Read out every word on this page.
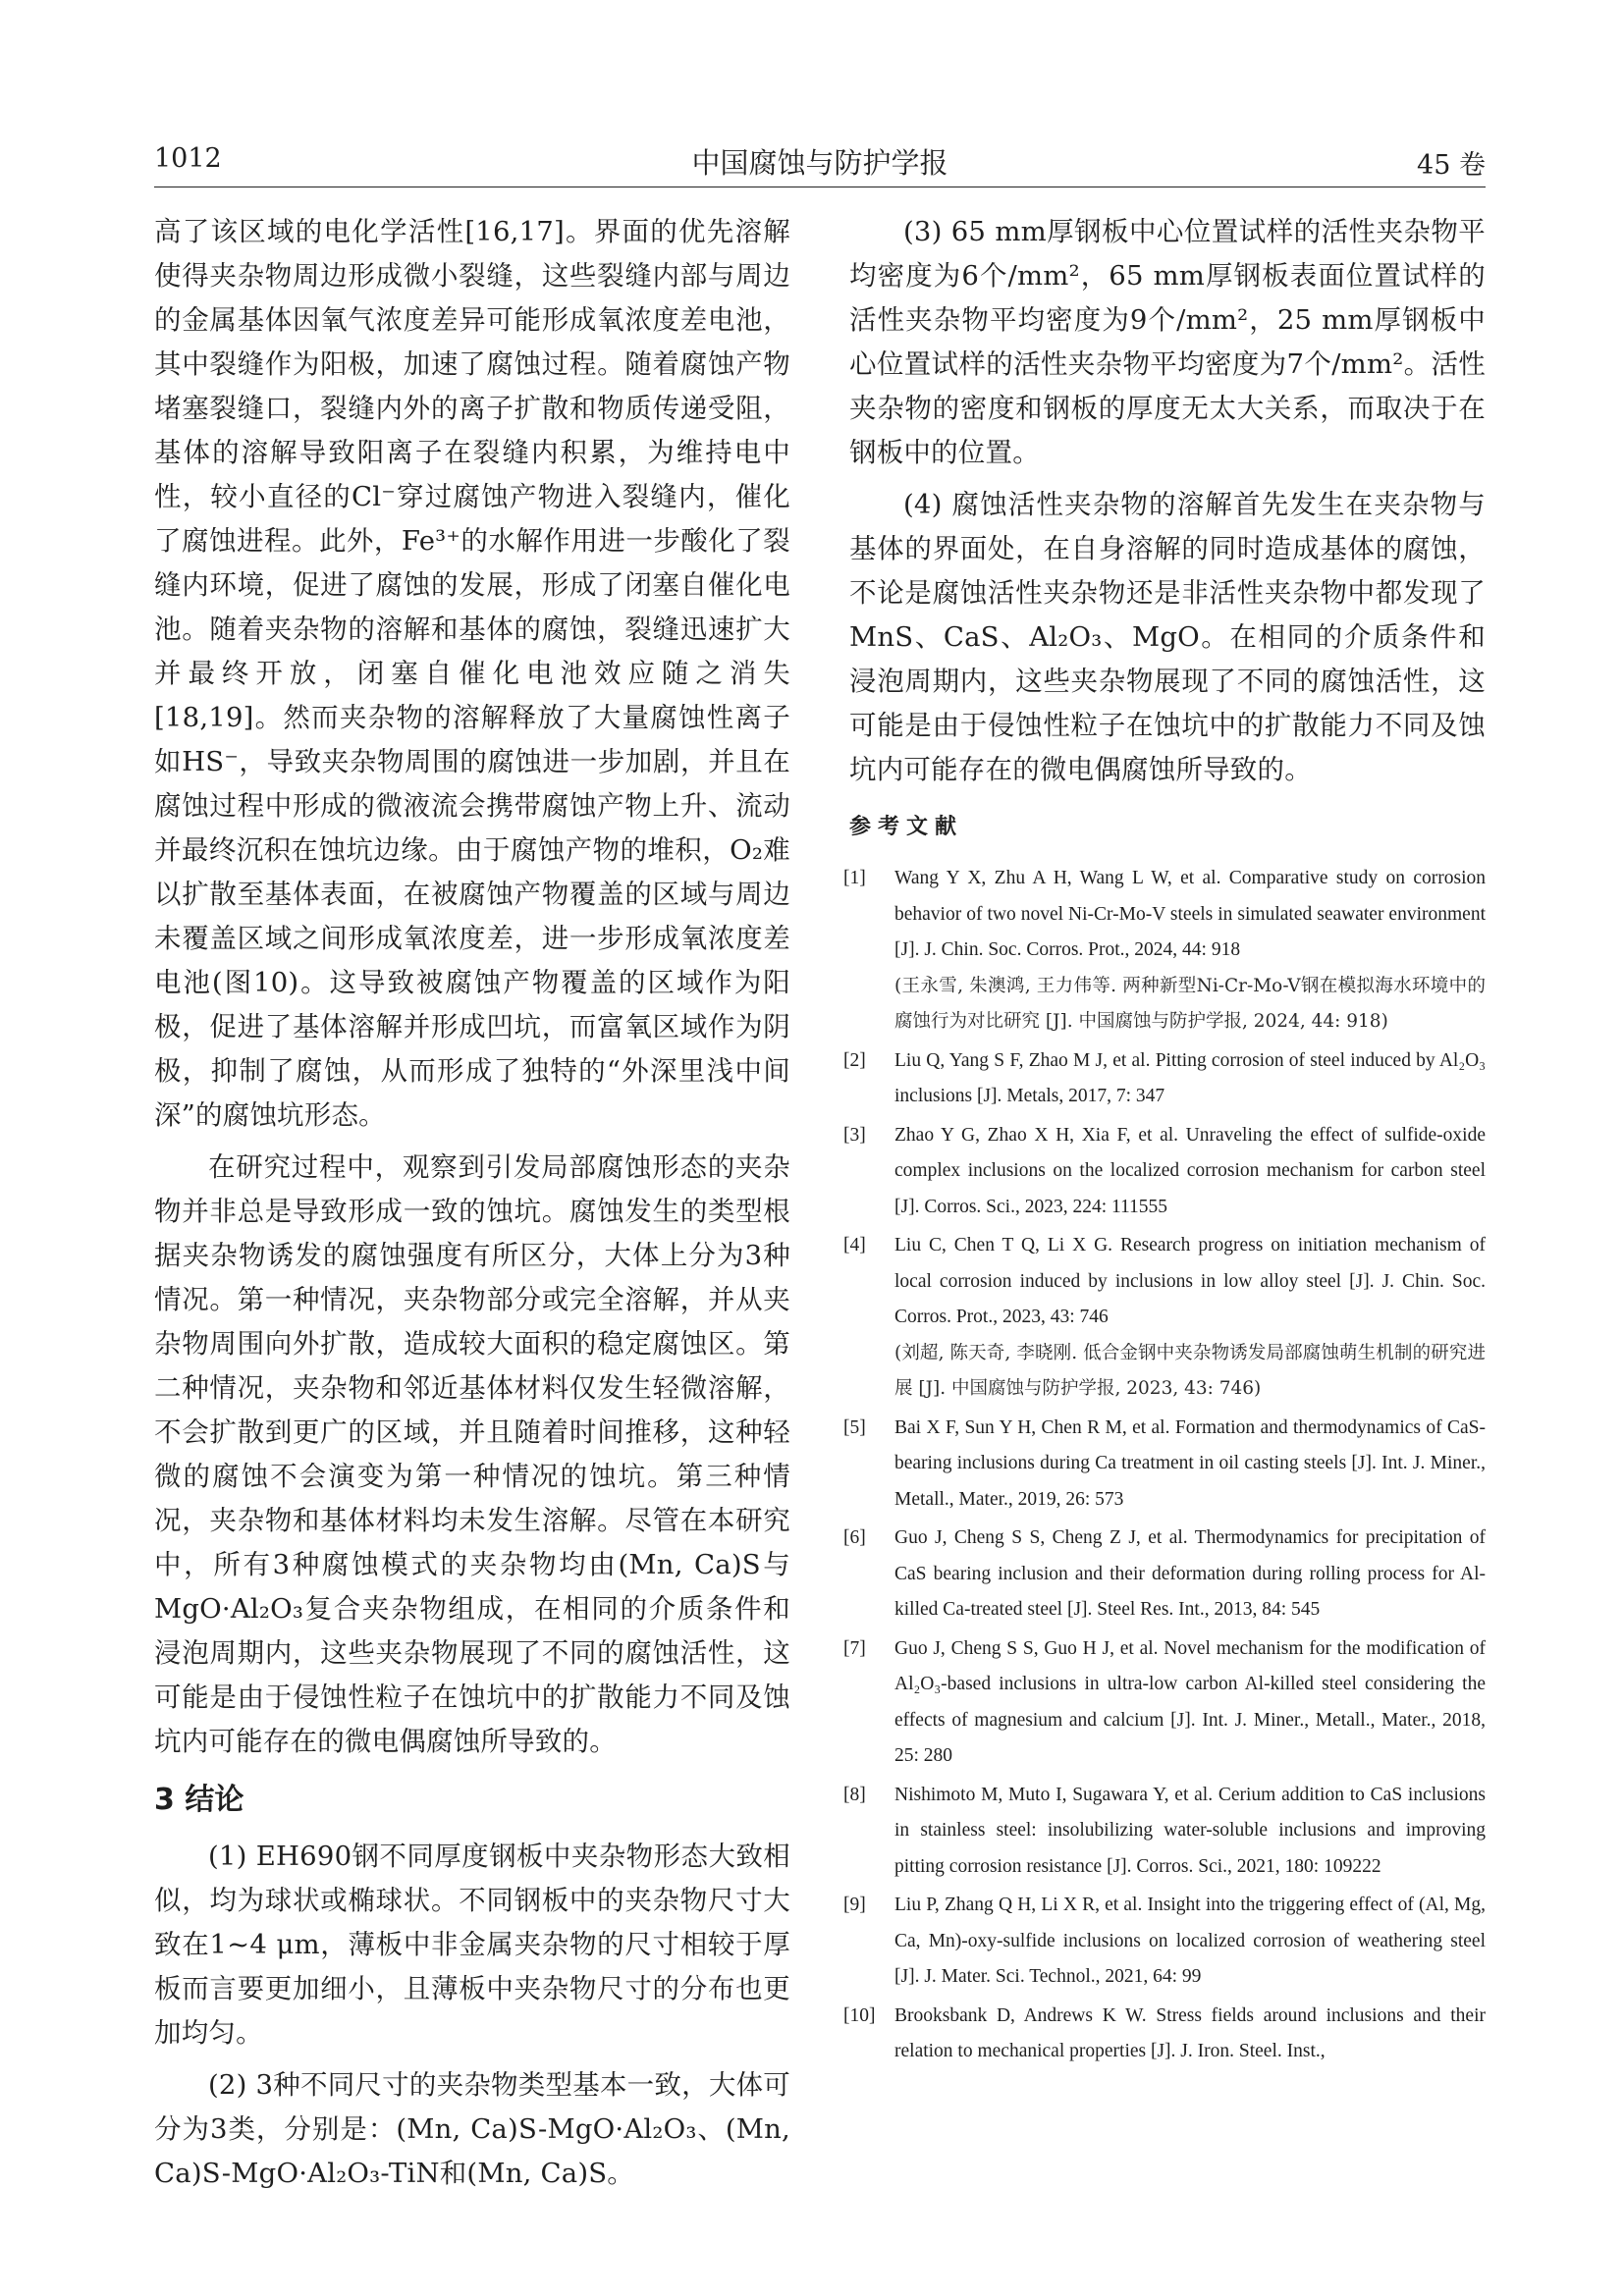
1012	中国腐蚀与防护学报	45 卷

高了该区域的电化学活性[16,17]。界面的优先溶解使得夹杂物周边形成微小裂缝，这些裂缝内部与周边的金属基体因氧气浓度差异可能形成氧浓度差电池，其中裂缝作为阳极，加速了腐蚀过程。随着腐蚀产物堵塞裂缝口，裂缝内外的离子扩散和物质传递受阻，基体的溶解导致阳离子在裂缝内积累，为维持电中性，较小直径的Cl⁻穿过腐蚀产物进入裂缝内，催化了腐蚀进程。此外，Fe³⁺的水解作用进一步酸化了裂缝内环境，促进了腐蚀的发展，形成了闭塞自催化电池。随着夹杂物的溶解和基体的腐蚀，裂缝迅速扩大并最终开放，闭塞自催化电池效应随之消失[18,19]。然而夹杂物的溶解释放了大量腐蚀性离子如HS⁻，导致夹杂物周围的腐蚀进一步加剧，并且在腐蚀过程中形成的微液流会携带腐蚀产物上升、流动并最终沉积在蚀坑边缘。由于腐蚀产物的堆积，O₂难以扩散至基体表面，在被腐蚀产物覆盖的区域与周边未覆盖区域之间形成氧浓度差，进一步形成氧浓度差电池(图10)。这导致被腐蚀产物覆盖的区域作为阳极，促进了基体溶解并形成凹坑，而富氧区域作为阴极，抑制了腐蚀，从而形成了独特的“外深里浅中间深”的腐蚀坑形态。

在研究过程中，观察到引发局部腐蚀形态的夹杂物并非总是导致形成一致的蚀坑。腐蚀发生的类型根据夹杂物诱发的腐蚀强度有所区分，大体上分为3种情况。第一种情况，夹杂物部分或完全溶解，并从夹杂物周围向外扩散，造成较大面积的稳定腐蚀区。第二种情况，夹杂物和邻近基体材料仅发生轻微溶解，不会扩散到更广的区域，并且随着时间推移，这种轻微的腐蚀不会演变为第一种情况的蚀坑。第三种情况，夹杂物和基体材料均未发生溶解。尽管在本研究中，所有3种腐蚀模式的夹杂物均由(Mn, Ca)S与MgO·Al₂O₃复合夹杂物组成，在相同的介质条件和浸泡周期内，这些夹杂物展现了不同的腐蚀活性，这可能是由于侵蚀性粒子在蚀坑中的扩散能力不同及蚀坑内可能存在的微电偶腐蚀所导致的。

3 结论

(1) EH690钢不同厚度钢板中夹杂物形态大致相似，均为球状或椭球状。不同钢板中的夹杂物尺寸大致在1~4 μm，薄板中非金属夹杂物的尺寸相较于厚板而言要更加细小，且薄板中夹杂物尺寸的分布也更加均匀。

(2) 3种不同尺寸的夹杂物类型基本一致，大体可分为3类，分别是：(Mn, Ca)S-MgO·Al₂O₃、(Mn, Ca)S-MgO·Al₂O₃-TiN和(Mn, Ca)S。

(3) 65 mm厚钢板中心位置试样的活性夹杂物平均密度为6个/mm²，65 mm厚钢板表面位置试样的活性夹杂物平均密度为9个/mm²，25 mm厚钢板中心位置试样的活性夹杂物平均密度为7个/mm²。活性夹杂物的密度和钢板的厚度无太大关系，而取决于在钢板中的位置。

(4) 腐蚀活性夹杂物的溶解首先发生在夹杂物与基体的界面处，在自身溶解的同时造成基体的腐蚀，不论是腐蚀活性夹杂物还是非活性夹杂物中都发现了MnS、CaS、Al₂O₃、MgO。在相同的介质条件和浸泡周期内，这些夹杂物展现了不同的腐蚀活性，这可能是由于侵蚀性粒子在蚀坑中的扩散能力不同及蚀坑内可能存在的微电偶腐蚀所导致的。

参考文献
[1]	Wang Y X, Zhu A H, Wang L W, et al. Comparative study on corrosion behavior of two novel Ni-Cr-Mo-V steels in simulated seawater environment [J]. J. Chin. Soc. Corros. Prot., 2024, 44: 918
(王永雪, 朱澳鸿, 王力伟等. 两种新型Ni-Cr-Mo-V钢在模拟海水环境中的腐蚀行为对比研究 [J]. 中国腐蚀与防护学报, 2024, 44: 918)
[2]	Liu Q, Yang S F, Zhao M J, et al. Pitting corrosion of steel induced by Al₂O₃ inclusions [J]. Metals, 2017, 7: 347
[3]	Zhao Y G, Zhao X H, Xia F, et al. Unraveling the effect of sulfide-oxide complex inclusions on the localized corrosion mechanism for carbon steel [J]. Corros. Sci., 2023, 224: 111555
[4]	Liu C, Chen T Q, Li X G. Research progress on initiation mechanism of local corrosion induced by inclusions in low alloy steel [J]. J. Chin. Soc. Corros. Prot., 2023, 43: 746
(刘超, 陈天奇, 李晓刚. 低合金钢中夹杂物诱发局部腐蚀萌生机制的研究进展 [J]. 中国腐蚀与防护学报, 2023, 43: 746)
[5]	Bai X F, Sun Y H, Chen R M, et al. Formation and thermodynamics of CaS-bearing inclusions during Ca treatment in oil casting steels [J]. Int. J. Miner., Metall., Mater., 2019, 26: 573
[6]	Guo J, Cheng S S, Cheng Z J, et al. Thermodynamics for precipitation of CaS bearing inclusion and their deformation during rolling process for Al-killed Ca-treated steel [J]. Steel Res. Int., 2013, 84: 545
[7]	Guo J, Cheng S S, Guo H J, et al. Novel mechanism for the modification of Al₂O₃-based inclusions in ultra-low carbon Al-killed steel considering the effects of magnesium and calcium [J]. Int. J. Miner., Metall., Mater., 2018, 25: 280
[8]	Nishimoto M, Muto I, Sugawara Y, et al. Cerium addition to CaS inclusions in stainless steel: insolubilizing water-soluble inclusions and improving pitting corrosion resistance [J]. Corros. Sci., 2021, 180: 109222
[9]	Liu P, Zhang Q H, Li X R, et al. Insight into the triggering effect of (Al, Mg, Ca, Mn)-oxy-sulfide inclusions on localized corrosion of weathering steel [J]. J. Mater. Sci. Technol., 2021, 64: 99
[10]	Brooksbank D, Andrews K W. Stress fields around inclusions and their relation to mechanical properties [J]. J. Iron. Steel. Inst.,
